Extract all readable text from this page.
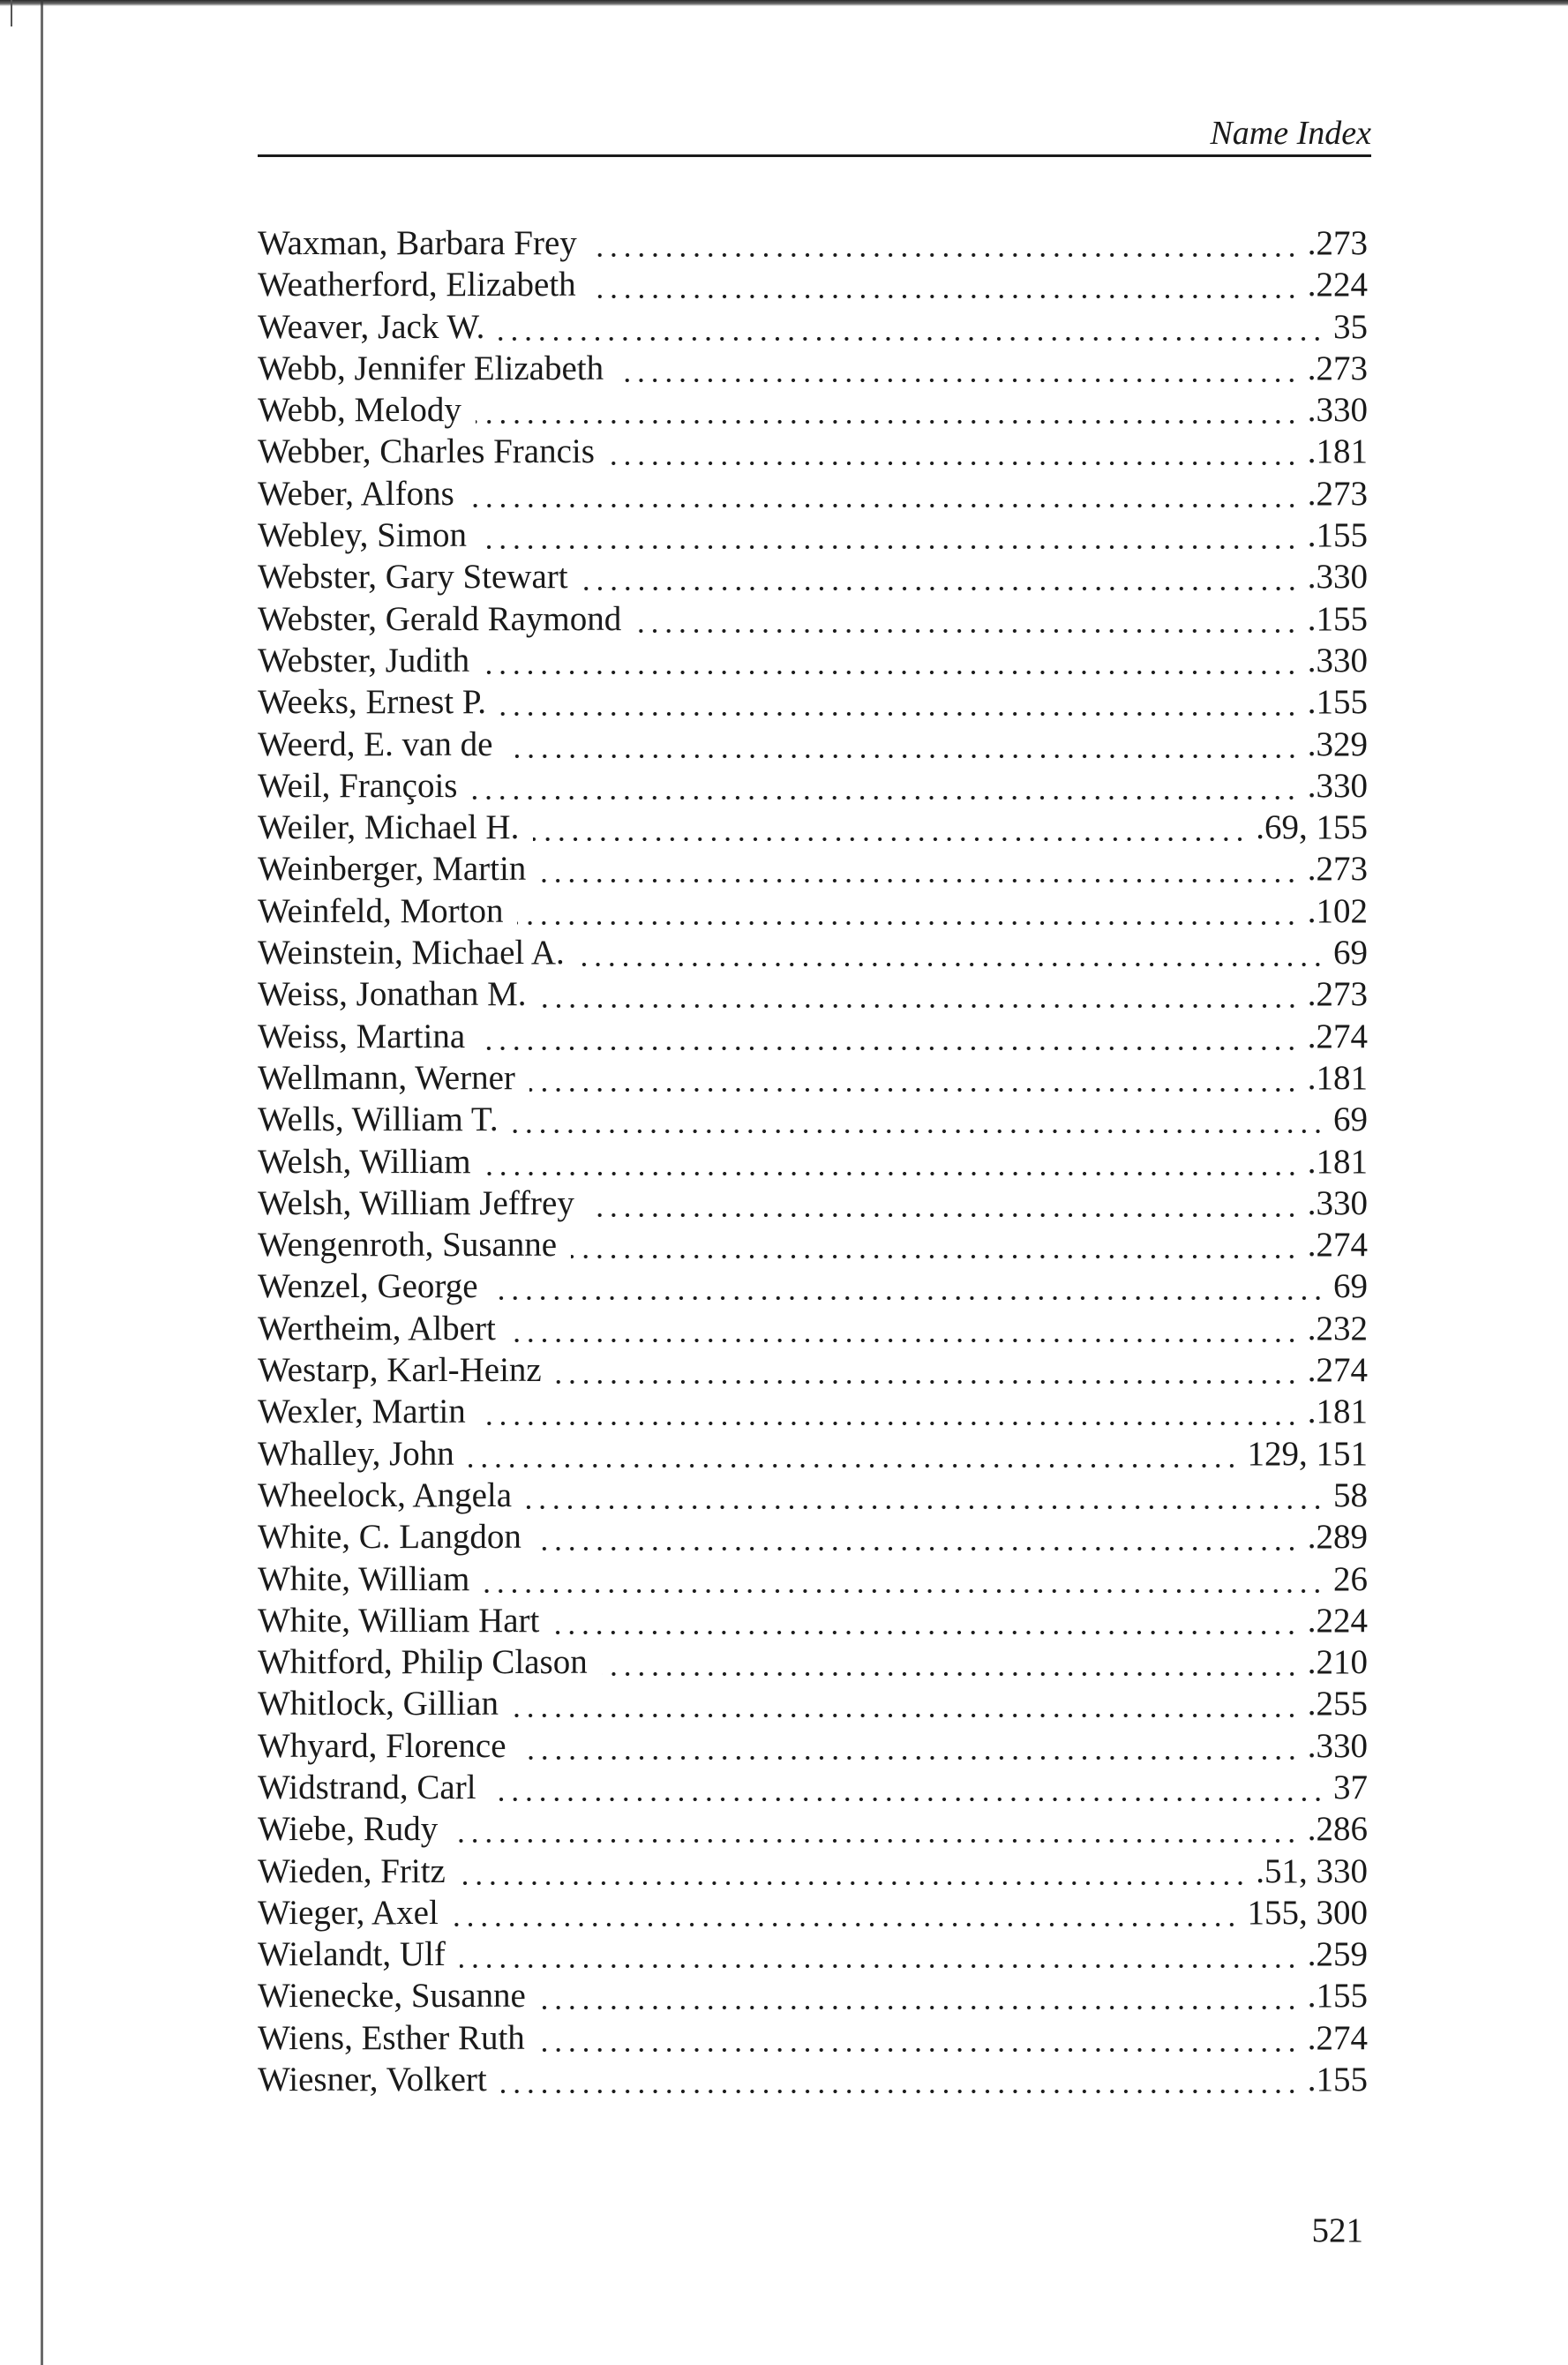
Name Index
Waxman, Barbara Frey	.273
Weatherford, Elizabeth	.224
Weaver, Jack W.	35
Webb, Jennifer Elizabeth	.273
Webb, Melody	.330
Webber, Charles Francis	.181
Weber, Alfons	.273
Webley, Simon	.155
Webster, Gary Stewart	.330
Webster, Gerald Raymond	.155
Webster, Judith	.330
Weeks, Ernest P.	.155
Weerd, E. van de	.329
Weil, François	.330
Weiler, Michael H.	.69, 155
Weinberger, Martin	.273
Weinfeld, Morton	.102
Weinstein, Michael A.	69
Weiss, Jonathan M.	.273
Weiss, Martina	.274
Wellmann, Werner	.181
Wells, William T.	69
Welsh, William	.181
Welsh, William Jeffrey	.330
Wengenroth, Susanne	.274
Wenzel, George	69
Wertheim, Albert	.232
Westarp, Karl-Heinz	.274
Wexler, Martin	.181
Whalley, John	129, 151
Wheelock, Angela	58
White, C. Langdon	.289
White, William	26
White, William Hart	.224
Whitford, Philip Clason	.210
Whitlock, Gillian	.255
Whyard, Florence	.330
Widstrand, Carl	37
Wiebe, Rudy	.286
Wieden, Fritz	.51, 330
Wieger, Axel	155, 300
Wielandt, Ulf	.259
Wienecke, Susanne	.155
Wiens, Esther Ruth	.274
Wiesner, Volkert	.155
521
